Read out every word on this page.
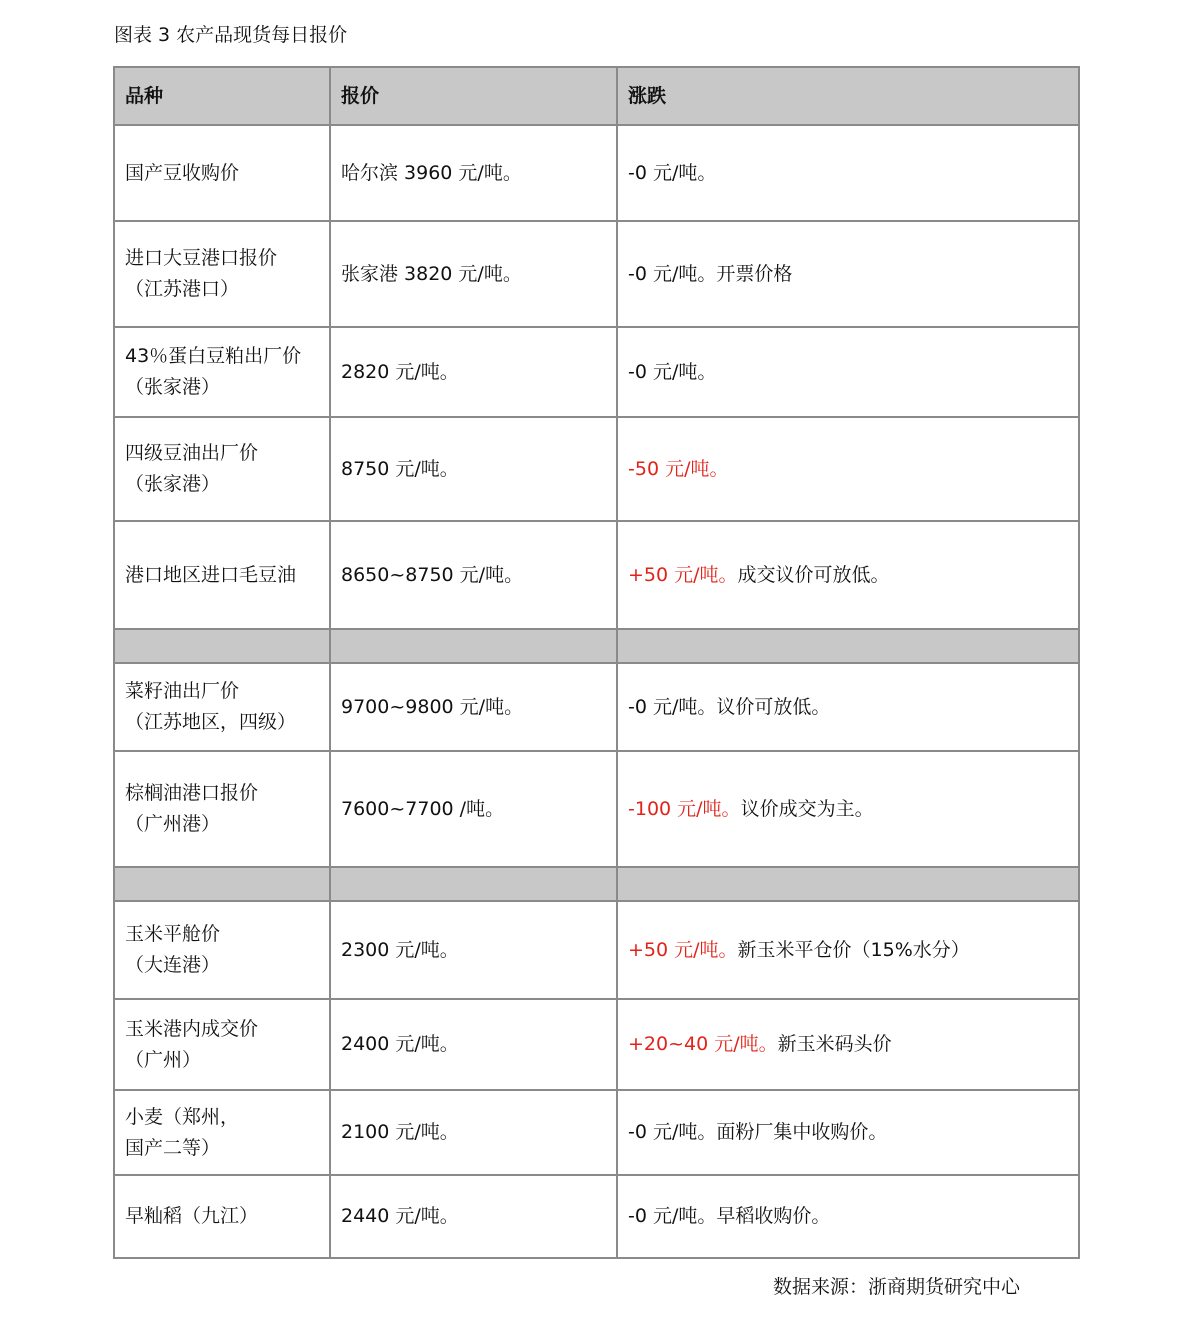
图表 3 农产品现货每日报价
品种	报价	涨跌
国产豆收购价	哈尔滨 3960 元/吨。	-0 元/吨。
进口大豆港口报价
（江苏港口）	张家港 3820 元/吨。	-0 元/吨。开票价格
43％蛋白豆粕出厂价
（张家港）	2820 元/吨。	-0 元/吨。
四级豆油出厂价
（张家港）	8750 元/吨。	-50 元/吨。
港口地区进口毛豆油	8650~8750 元/吨。	+50 元/吨。成交议价可放低。

菜籽油出厂价
（江苏地区，四级）	9700~9800 元/吨。	-0 元/吨。议价可放低。
棕榈油港口报价
（广州港）	7600~7700 /吨。	-100 元/吨。议价成交为主。

玉米平舱价
（大连港）	2300 元/吨。	+50 元/吨。新玉米平仓价（15%水分）
玉米港内成交价
（广州）	2400 元/吨。	+20~40 元/吨。新玉米码头价
小麦（郑州，
国产二等）	2100 元/吨。	-0 元/吨。面粉厂集中收购价。
早籼稻（九江）	2440 元/吨。	-0 元/吨。早稻收购价。
数据来源：浙商期货研究中心
